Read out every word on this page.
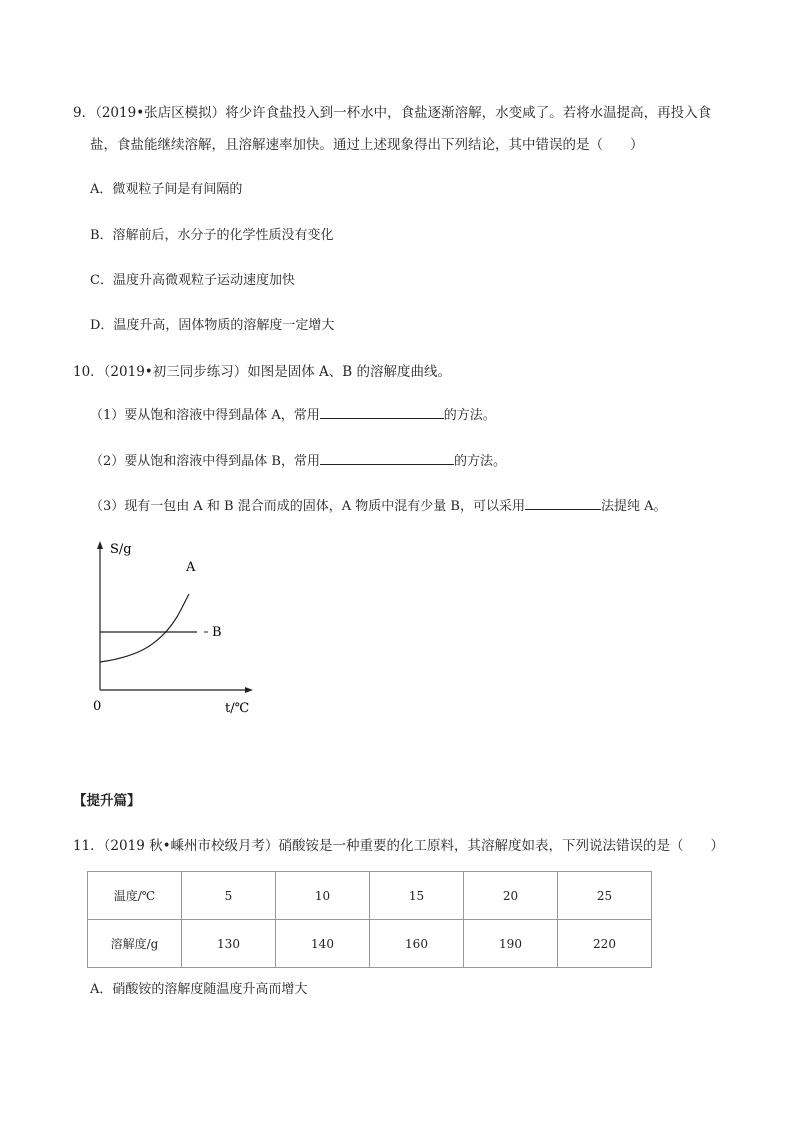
9．（2019•张店区模拟）将少许食盐投入到一杯水中，食盐逐渐溶解，水变咸了。若将水温提高，再投入食
盐，食盐能继续溶解，且溶解速率加快。通过上述现象得出下列结论，其中错误的是（　　）
A．微观粒子间是有间隔的
B．溶解前后，水分子的化学性质没有变化
C．温度升高微观粒子运动速度加快
D．温度升高，固体物质的溶解度一定增大
10．（2019•初三同步练习）如图是固体 A、B 的溶解度曲线。
（1）要从饱和溶液中得到晶体 A，常用	的方法。
（2）要从饱和溶液中得到晶体 B，常用	的方法。
（3）现有一包由 A 和 B 混合而成的固体，A 物质中混有少量 B，可以采用	法提纯 A。
S/g
A
B
0	t/℃
【提升篇】
11．（2019 秋•嵊州市校级月考）硝酸铵是一种重要的化工原料，其溶解度如表，下列说法错误的是（　　）
温度/℃	5	10	15	20	25
溶解度/g	130	140	160	190	220
A．硝酸铵的溶解度随温度升高而增大
